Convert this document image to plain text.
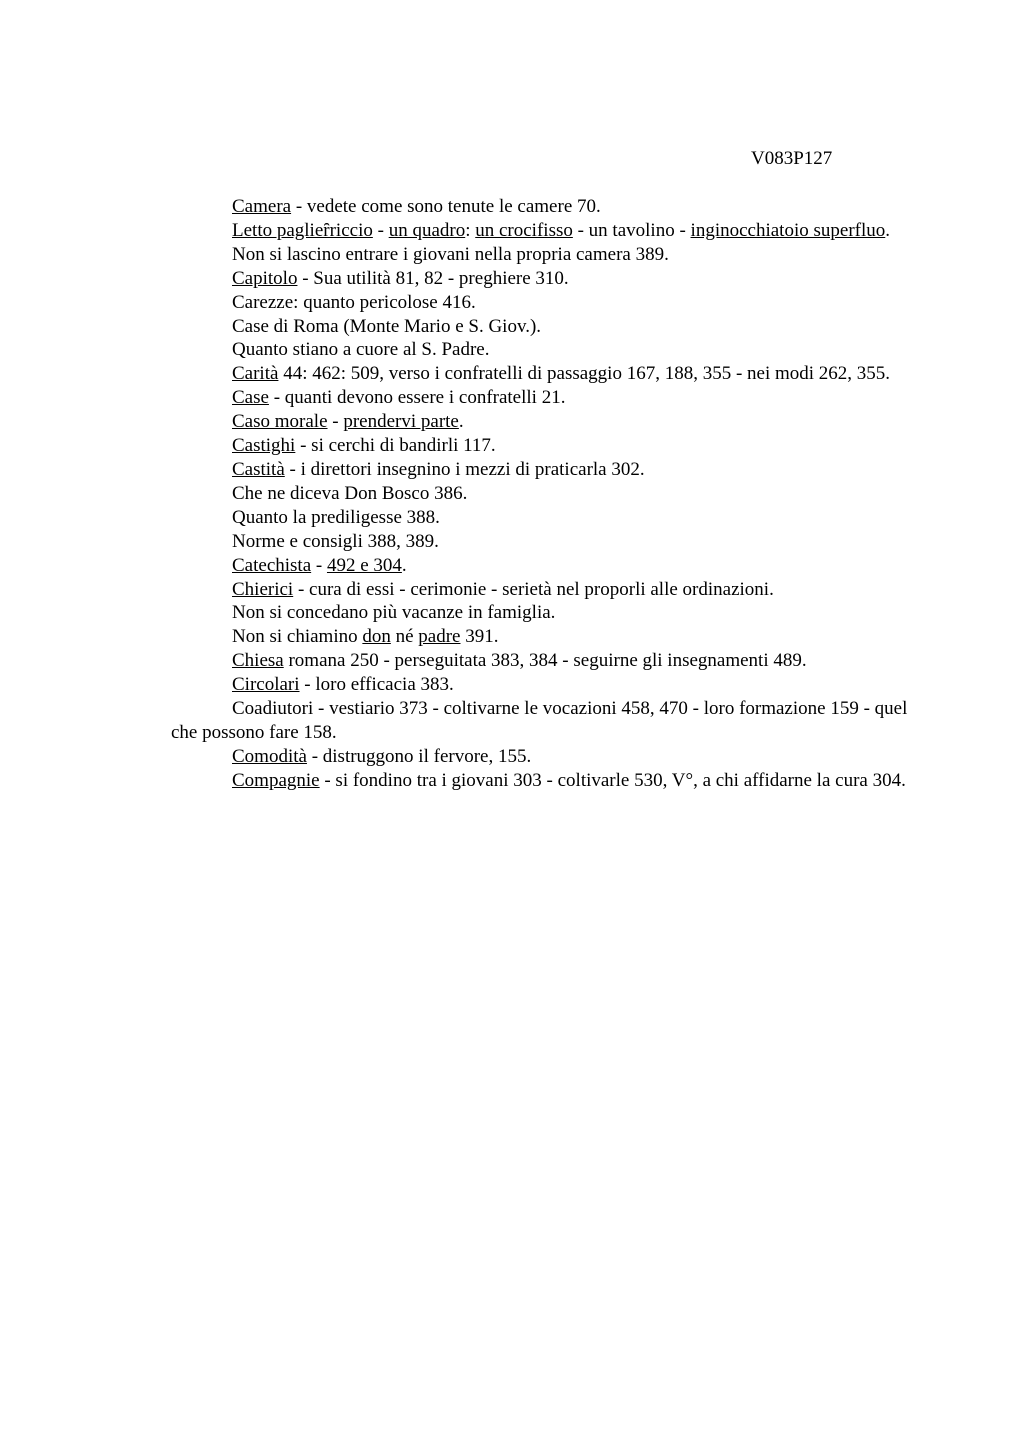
V083P127

Camera - vedete come sono tenute le camere 70.

Letto paglieȓriccio - un quadro: un crocifisso - un tavolino - inginocchiatoio superfluo.

Non si lascino entrare i giovani nella propria camera 389.

Capitolo - Sua utilità 81, 82 - preghiere 310.

Carezze: quanto pericolose 416.

Case di Roma (Monte Mario e S. Giov.).

Quanto stiano a cuore al S. Padre.

Carità 44: 462: 509, verso i confratelli di passaggio 167, 188, 355 - nei modi 262, 355.

Case - quanti devono essere i confratelli 21.

Caso morale - prendervi parte.

Castighi - si cerchi di bandirli 117.

Castità - i direttori insegnino i mezzi di praticarla 302.

Che ne diceva Don Bosco 386.

Quanto la prediligesse 388.

Norme e consigli 388, 389.

Catechista - 492 e 304.

Chierici - cura di essi - cerimonie - serietà nel proporli alle ordinazioni.

Non si concedano più vacanze in famiglia.

Non si chiamino don né padre 391.

Chiesa romana 250 - perseguitata 383, 384 - seguirne gli insegnamenti 489.

Circolari - loro efficacia 383.

Coadiutori - vestiario 373 - coltivarne le vocazioni 458, 470 - loro formazione 159 - quel che possono fare 158.

Comodità - distruggono il fervore, 155.

Compagnie - si fondino tra i giovani 303 - coltivarle 530, V°, a chi affidarne la cura 304.
